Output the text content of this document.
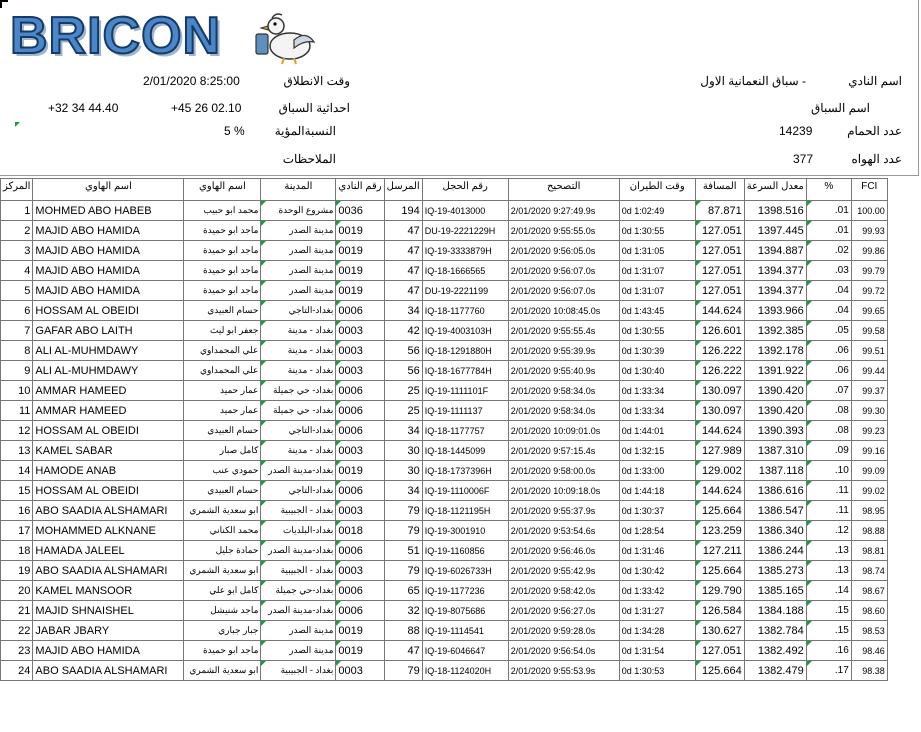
BRICON
اسم النادي
- سباق النعمانية الاول
اسم السباق
عدد الحمام
14239
عدد الهواه
377
وقت الانطلاق
2/01/2020 8:25:00
احداثية السباق
+45 26 02.10
+32 34 44.40
النسبةالمؤية
5 %
الملاحظات
المركز	اسم الهاوي	اسم الهاوي	المدينة	رقم النادي	المرسل	رقم الحجل	التصحيح	وقت الطيران	المسافة	معدل السرعة	%	FCI
1	MOHMED ABO HABEB	محمد ابو حبيب	مشروع الوحدة	0036	194	IQ-19-4013000	2/01/2020 9:27:49.9s	0d 1:02:49	87.871	1398.516	.01	100.00
2	MAJID ABO HAMIDA	ماجد ابو حميدة	مدينة الصدر	0019	47	DU-19-2221229H	2/01/2020 9:55:55.0s	0d 1:30:55	127.051	1397.445	.01	99.93
3	MAJID ABO HAMIDA	ماجد ابو حميدة	مدينة الصدر	0019	47	IQ-19-3333879H	2/01/2020 9:56:05.0s	0d 1:31:05	127.051	1394.887	.02	99.86
4	MAJID ABO HAMIDA	ماجد ابو حميدة	مدينة الصدر	0019	47	IQ-18-1666565	2/01/2020 9:56:07.0s	0d 1:31:07	127.051	1394.377	.03	99.79
5	MAJID ABO HAMIDA	ماجد ابو حميدة	مدينة الصدر	0019	47	DU-19-2221199	2/01/2020 9:56:07.0s	0d 1:31:07	127.051	1394.377	.04	99.72
6	HOSSAM AL OBEIDI	حسام العبيدي	بغداد-التاجي	0006	34	IQ-18-1177760	2/01/2020 10:08:45.0s	0d 1:43:45	144.624	1393.966	.04	99.65
7	GAFAR ABO LAITH	جعفر ابو ليث	بغداد - مدينة	0003	42	IQ-19-4003103H	2/01/2020 9:55:55.4s	0d 1:30:55	126.601	1392.385	.05	99.58
8	ALI AL-MUHMDAWY	علي المحمداوي	بغداد - مدينة	0003	56	IQ-18-1291880H	2/01/2020 9:55:39.9s	0d 1:30:39	126.222	1392.178	.06	99.51
9	ALI AL-MUHMDAWY	علي المحمداوي	بغداد - مدينة	0003	56	IQ-18-1677784H	2/01/2020 9:55:40.9s	0d 1:30:40	126.222	1391.922	.06	99.44
10	AMMAR HAMEED	عمار حميد	بغداد- حي جميلة	0006	25	IQ-19-1111101F	2/01/2020 9:58:34.0s	0d 1:33:34	130.097	1390.420	.07	99.37
11	AMMAR HAMEED	عمار حميد	بغداد- حي جميلة	0006	25	IQ-19-1111137	2/01/2020 9:58:34.0s	0d 1:33:34	130.097	1390.420	.08	99.30
12	HOSSAM AL OBEIDI	حسام العبيدي	بغداد-التاجي	0006	34	IQ-18-1177757	2/01/2020 10:09:01.0s	0d 1:44:01	144.624	1390.393	.08	99.23
13	KAMEL SABAR	كامل صبار	بغداد - مدينة	0003	30	IQ-18-1445099	2/01/2020 9:57:15.4s	0d 1:32:15	127.989	1387.310	.09	99.16
14	HAMODE ANAB	حمودي عنب	بغداد-مدينة الصدر	0019	30	IQ-18-1737396H	2/01/2020 9:58:00.0s	0d 1:33:00	129.002	1387.118	.10	99.09
15	HOSSAM AL OBEIDI	حسام العبيدي	بغداد-التاجي	0006	34	IQ-19-1110006F	2/01/2020 10:09:18.0s	0d 1:44:18	144.624	1386.616	.11	99.02
16	ABO SAADIA ALSHAMARI	ابو سعدية الشمري	بغداد - الجبيبية	0003	79	IQ-18-1121195H	2/01/2020 9:55:37.9s	0d 1:30:37	125.664	1386.547	.11	98.95
17	MOHAMMED ALKNANE	محمد الكناني	بغداد-البلديات	0018	79	IQ-19-3001910	2/01/2020 9:53:54.6s	0d 1:28:54	123.259	1386.340	.12	98.88
18	HAMADA JALEEL	حمادة جليل	بغداد-مدينة الصدر	0006	51	IQ-19-1160856	2/01/2020 9:56:46.0s	0d 1:31:46	127.211	1386.244	.13	98.81
19	ABO SAADIA ALSHAMARI	ابو سعدية الشمري	بغداد - الجبيبية	0003	79	IQ-19-6026733H	2/01/2020 9:55:42.9s	0d 1:30:42	125.664	1385.273	.13	98.74
20	KAMEL MANSOOR	كامل ابو علي	بغداد-حي جميلة	0006	65	IQ-19-1177236	2/01/2020 9:58:42.0s	0d 1:33:42	129.790	1385.165	.14	98.67
21	MAJID SHNAISHEL	ماجد شنيشل	بغداد-مدينة الصدر	0006	32	IQ-19-8075686	2/01/2020 9:56:27.0s	0d 1:31:27	126.584	1384.188	.15	98.60
22	JABAR JBARY	جبار جباري	مدينة الصدر	0019	88	IQ-19-1114541	2/01/2020 9:59:28.0s	0d 1:34:28	130.627	1382.784	.15	98.53
23	MAJID ABO HAMIDA	ماجد ابو حميدة	مدينة الصدر	0019	47	IQ-19-6046647	2/01/2020 9:56:54.0s	0d 1:31:54	127.051	1382.492	.16	98.46
24	ABO SAADIA ALSHAMARI	ابو سعدية الشمري	بغداد - الجبيبية	0003	79	IQ-18-1124020H	2/01/2020 9:55:53.9s	0d 1:30:53	125.664	1382.479	.17	98.38
